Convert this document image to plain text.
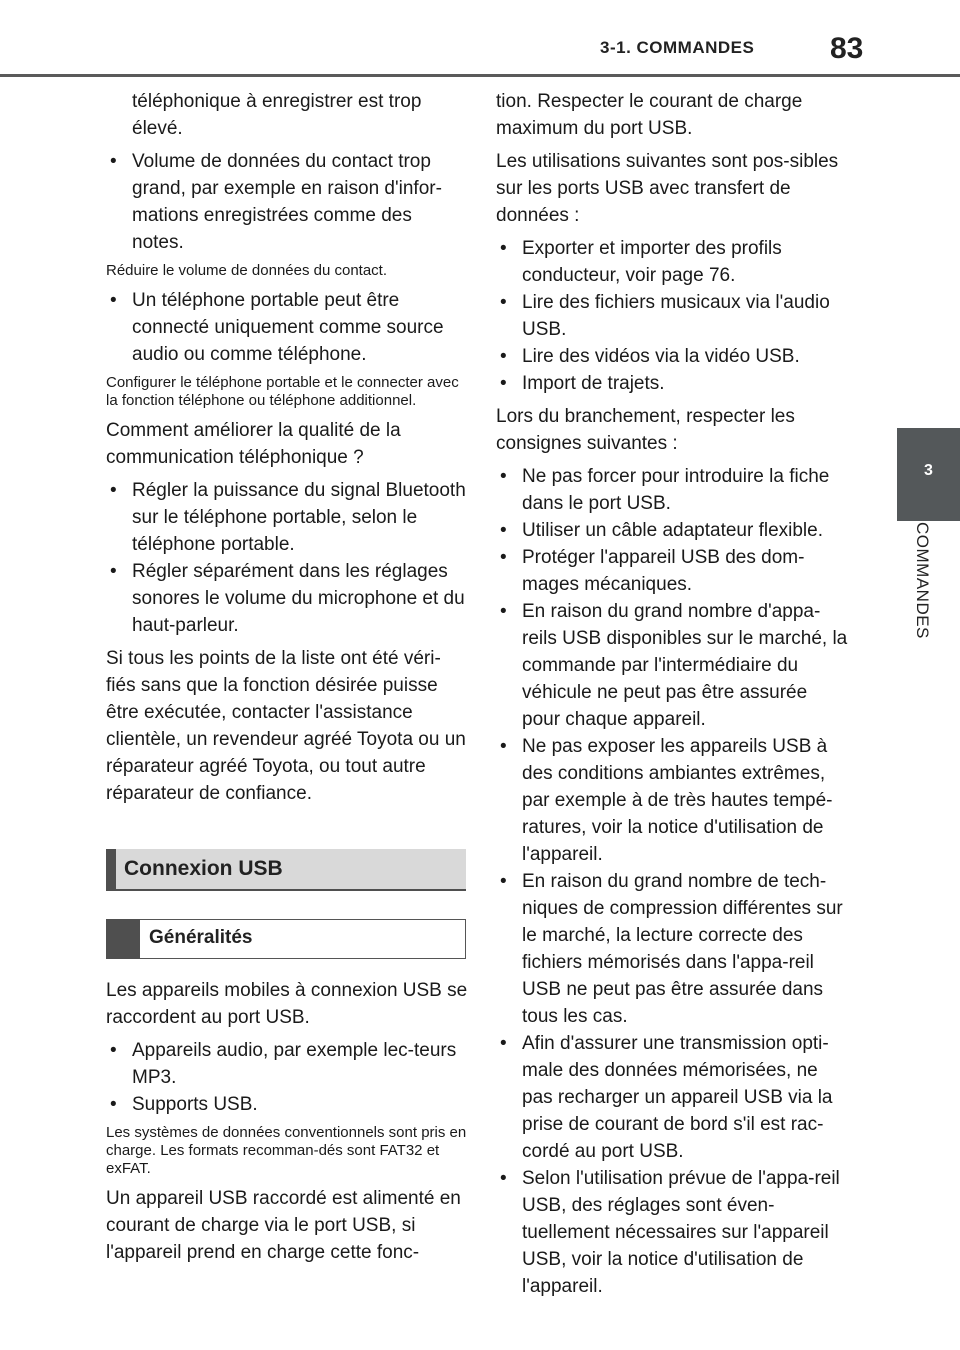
3-1. COMMANDES	83
3
COMMANDES

téléphonique à enregistrer est trop élevé.

• Volume de données du contact trop grand, par exemple en raison d'infor-mations enregistrées comme des notes.

Réduire le volume de données du contact.

• Un téléphone portable peut être connecté uniquement comme source audio ou comme téléphone.

Configurer le téléphone portable et le connecter avec la fonction téléphone ou téléphone additionnel.

Comment améliorer la qualité de la communication téléphonique ?

• Régler la puissance du signal Bluetooth sur le téléphone portable, selon le téléphone portable.
• Régler séparément dans les réglages sonores le volume du microphone et du haut-parleur.

Si tous les points de la liste ont été véri-fiés sans que la fonction désirée puisse être exécutée, contacter l'assistance clientèle, un revendeur agréé Toyota ou un réparateur agréé Toyota, ou tout autre réparateur de confiance.

Connexion USB
Généralités

Les appareils mobiles à connexion USB se raccordent au port USB.

• Appareils audio, par exemple lec-teurs MP3.
• Supports USB.

Les systèmes de données conventionnels sont pris en charge. Les formats recomman-dés sont FAT32 et exFAT.

Un appareil USB raccordé est alimenté en courant de charge via le port USB, si l'appareil prend en charge cette fonc-

tion. Respecter le courant de charge maximum du port USB.

Les utilisations suivantes sont pos-sibles sur les ports USB avec transfert de données :

• Exporter et importer des profils conducteur, voir page 76.
• Lire des fichiers musicaux via l'audio USB.
• Lire des vidéos via la vidéo USB.
• Import de trajets.

Lors du branchement, respecter les consignes suivantes :

• Ne pas forcer pour introduire la fiche dans le port USB.
• Utiliser un câble adaptateur flexible.
• Protéger l'appareil USB des dom-mages mécaniques.
• En raison du grand nombre d'appa-reils USB disponibles sur le marché, la commande par l'intermédiaire du véhicule ne peut pas être assurée pour chaque appareil.
• Ne pas exposer les appareils USB à des conditions ambiantes extrêmes, par exemple à de très hautes tempé-ratures, voir la notice d'utilisation de l'appareil.
• En raison du grand nombre de tech-niques de compression différentes sur le marché, la lecture correcte des fichiers mémorisés dans l'appa-reil USB ne peut pas être assurée dans tous les cas.
• Afin d'assurer une transmission opti-male des données mémorisées, ne pas recharger un appareil USB via la prise de courant de bord s'il est rac-cordé au port USB.
• Selon l'utilisation prévue de l'appa-reil USB, des réglages sont éven-tuellement nécessaires sur l'appareil USB, voir la notice d'utilisation de l'appareil.
